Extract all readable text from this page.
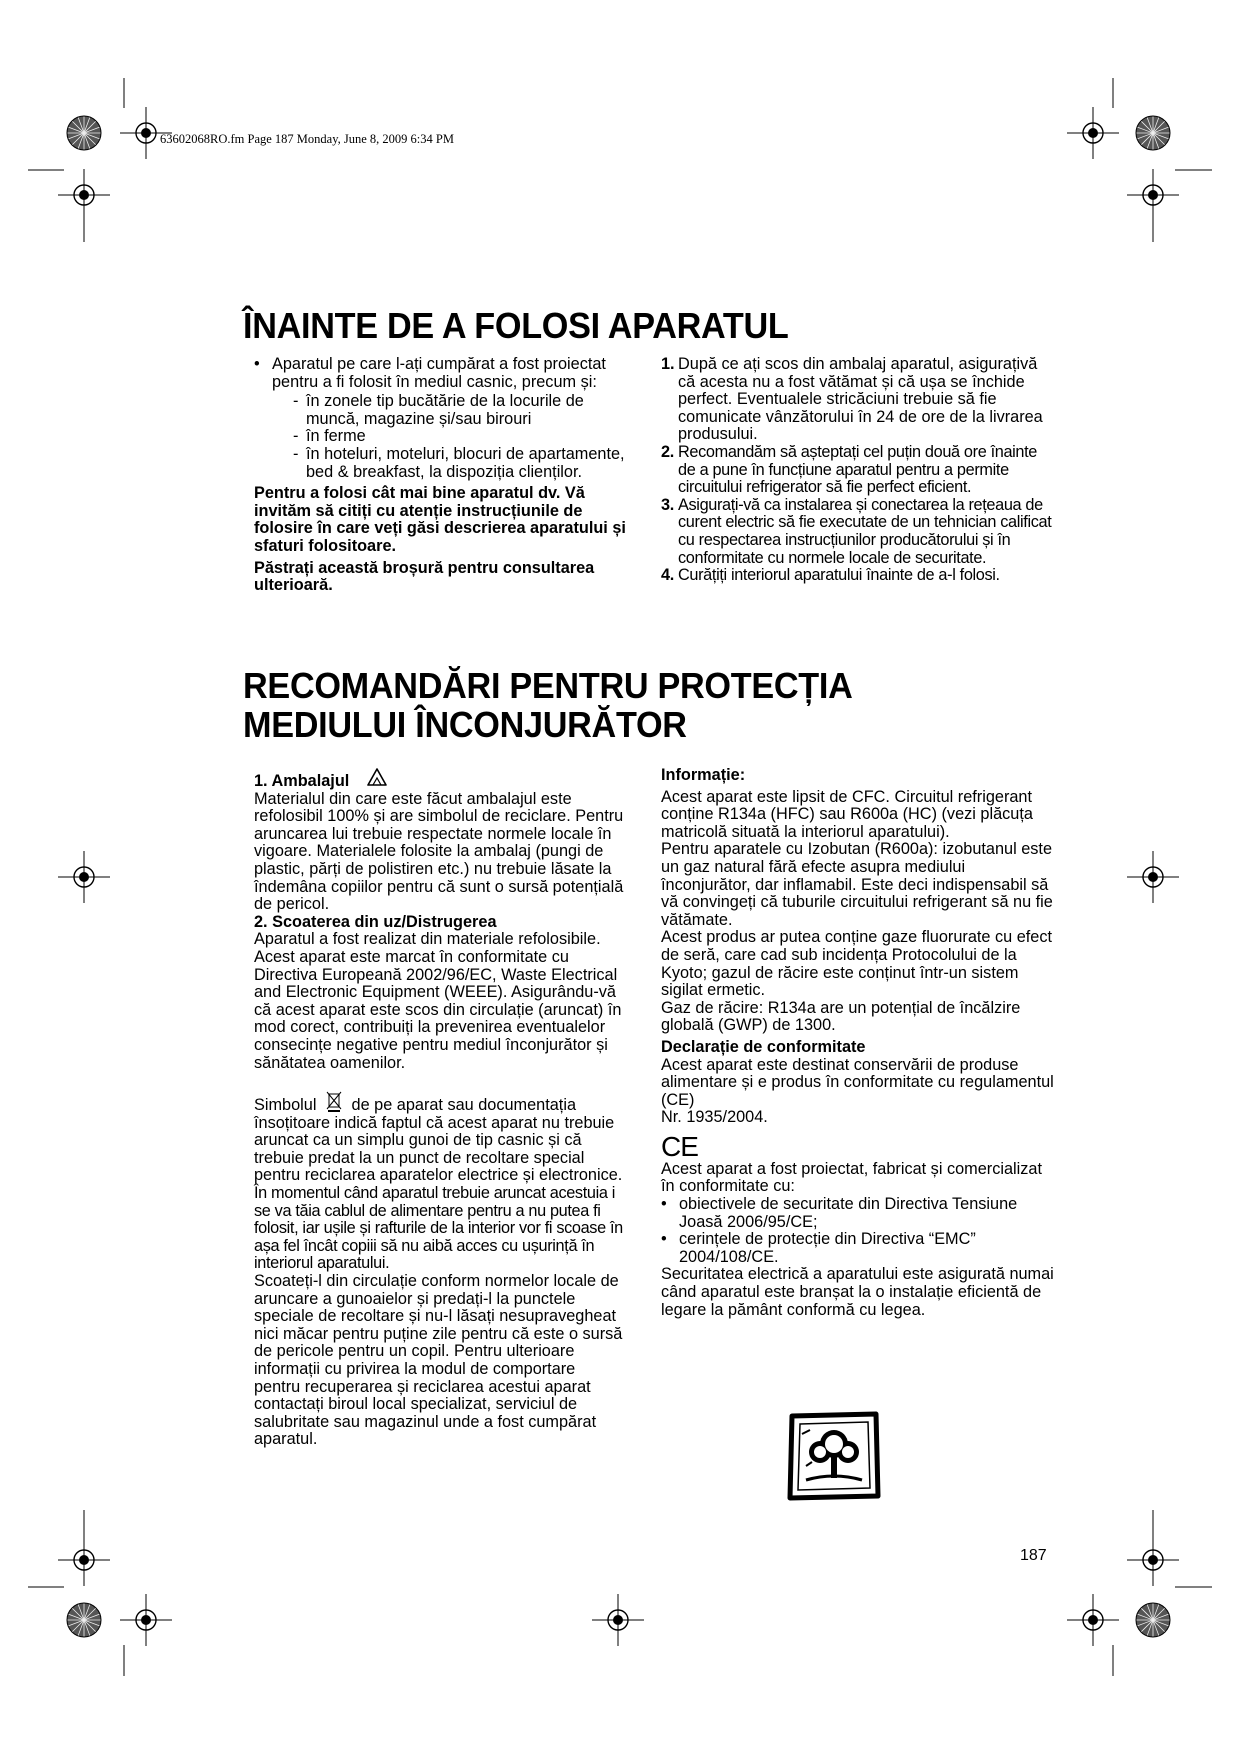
63602068RO.fm Page 187 Monday, June 8, 2009 6:34 PM
ÎNAINTE DE A FOLOSI APARATUL
• Aparatul pe care l-ați cumpărat a fost proiectat pentru a fi folosit în mediul casnic, precum și:
- în zonele tip bucătărie de la locurile de muncă, magazine și/sau birouri
- în ferme
- în hoteluri, moteluri, blocuri de apartamente, bed & breakfast, la dispoziția clienților.

Pentru a folosi cât mai bine aparatul dv. Vă invităm să citiți cu atenție instrucțiunile de folosire în care veți găsi descrierea aparatului și sfaturi folositoare.

Păstrați această broșură pentru consultarea ulterioară.

1. După ce ați scos din ambalaj aparatul, asigurațivă că acesta nu a fost vătămat și că ușa se închide perfect. Eventualele stricăciuni trebuie să fie comunicate vânzătorului în 24 de ore de la livrarea produsului.
2. Recomandăm să așteptați cel puțin două ore înainte de a pune în funcțiune aparatul pentru a permite circuitului refrigerator să fie perfect eficient.
3. Asigurați-vă ca instalarea și conectarea la rețeaua de curent electric să fie executate de un tehnician calificat cu respectarea instrucțiunilor producătorului și în conformitate cu normele locale de securitate.
4. Curățiți interiorul aparatului înainte de a-l folosi.
RECOMANDĂRI PENTRU PROTECȚIA
MEDIULUI ÎNCONJURĂTOR

1. Ambalajul

Materialul din care este făcut ambalajul este refolosibil 100% și are simbolul de reciclare. Pentru aruncarea lui trebuie respectate normele locale în vigoare. Materialele folosite la ambalaj (pungi de plastic, părți de polistiren etc.) nu trebuie lăsate la îndemâna copiilor pentru că sunt o sursă potențială de pericol.

2. Scoaterea din uz/Distrugerea

Aparatul a fost realizat din materiale refolosibile.

Acest aparat este marcat în conformitate cu Directiva Europeană 2002/96/EC, Waste Electrical and Electronic Equipment (WEEE). Asigurându-vă că acest aparat este scos din circulație (aruncat) în mod corect, contribuiți la prevenirea eventualelor consecințe negative pentru mediul înconjurător și sănătatea oamenilor.

Simbolul de pe aparat sau documentația însoțitoare indică faptul că acest aparat nu trebuie aruncat ca un simplu gunoi de tip casnic și că trebuie predat la un punct de recoltare special pentru reciclarea aparatelor electrice și electronice.

În momentul când aparatul trebuie aruncat acestuia i se va tăia cablul de alimentare pentru a nu putea fi folosit, iar ușile și rafturile de la interior vor fi scoase în așa fel încât copiii să nu aibă acces cu ușurință în interiorul aparatului.

Scoateți-l din circulație conform normelor locale de aruncare a gunoaielor și predați-l la punctele speciale de recoltare și nu-l lăsați nesupravegheat nici măcar pentru puține zile pentru că este o sursă de pericole pentru un copil. Pentru ulterioare informații cu privirea la modul de comportare pentru recuperarea și reciclarea acestui aparat contactați biroul local specializat, serviciul de salubritate sau magazinul unde a fost cumpărat aparatul.

Informație:

Acest aparat este lipsit de CFC. Circuitul refrigerant conține R134a (HFC) sau R600a (HC) (vezi plăcuța matricolă situată la interiorul aparatului).

Pentru aparatele cu Izobutan (R600a): izobutanul este un gaz natural fără efecte asupra mediului înconjurător, dar inflamabil. Este deci indispensabil să vă convingeți că tuburile circuitului refrigerant să nu fie vătămate.

Acest produs ar putea conține gaze fluorurate cu efect de seră, care cad sub incidența Protocolului de la Kyoto; gazul de răcire este conținut într-un sistem sigilat ermetic.

Gaz de răcire: R134a are un potențial de încălzire globală (GWP) de 1300.

Declarație de conformitate

Acest aparat este destinat conservării de produse alimentare și e produs în conformitate cu regulamentul (CE)

Nr. 1935/2004.

CE

Acest aparat a fost proiectat, fabricat și comercializat în conformitate cu:

• obiectivele de securitate din Directiva Tensiune Joasă 2006/95/CE;
• cerințele de protecție din Directiva “EMC” 2004/108/CE.

Securitatea electrică a aparatului este asigurată numai când aparatul este branșat la o instalație eficientă de legare la pământ conformă cu legea.

187
